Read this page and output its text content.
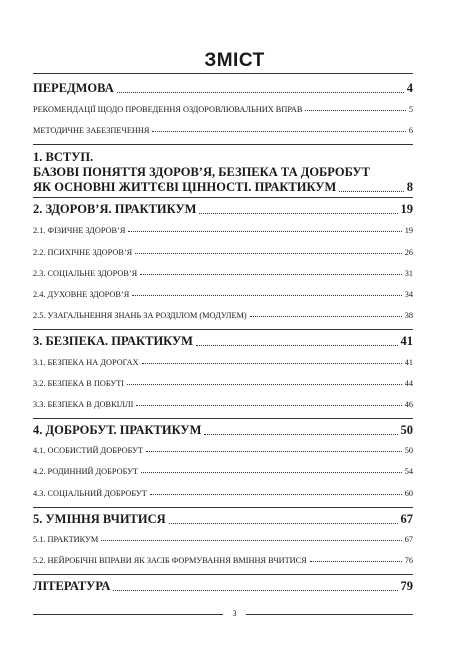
ЗМІСТ
ПЕРЕДМОВА	4
РЕКОМЕНДАЦІЇ ЩОДО ПРОВЕДЕННЯ ОЗДОРОВЛЮВАЛЬНИХ ВПРАВ	5
МЕТОДИЧНЕ ЗАБЕЗПЕЧЕННЯ	6
1. ВСТУП.
БАЗОВІ ПОНЯТТЯ ЗДОРОВ’Я, БЕЗПЕКА ТА ДОБРОБУТ
ЯК ОСНОВНІ ЖИТТЄВІ ЦІННОСТІ. ПРАКТИКУМ	8
2. ЗДОРОВ’Я. ПРАКТИКУМ	19
2.1. ФІЗИЧНЕ ЗДОРОВ’Я	19
2.2. ПСИХІЧНЕ ЗДОРОВ’Я	26
2.3. СОЦІАЛЬНЕ ЗДОРОВ’Я	31
2.4. ДУХОВНЕ ЗДОРОВ’Я	34
2.5. УЗАГАЛЬНЕННЯ ЗНАНЬ ЗА РОЗДІЛОМ (МОДУЛЕМ)	38
3. БЕЗПЕКА. ПРАКТИКУМ	41
3.1. БЕЗПЕКА НА ДОРОГАХ	41
3.2. БЕЗПЕКА В ПОБУТІ	44
3.3. БЕЗПЕКА В ДОВКІЛЛІ	46
4. ДОБРОБУТ. ПРАКТИКУМ	50
4.1. ОСОБИСТИЙ ДОБРОБУТ	50
4.2. РОДИННИЙ ДОБРОБУТ	54
4.3. СОЦІАЛЬНИЙ ДОБРОБУТ	60
5. УМІННЯ ВЧИТИСЯ	67
5.1. ПРАКТИКУМ	67
5.2. НЕЙРОБІЧНІ ВПРАВИ ЯК ЗАСІБ ФОРМУВАННЯ ВМІННЯ ВЧИТИСЯ	76
ЛІТЕРАТУРА	79
3
